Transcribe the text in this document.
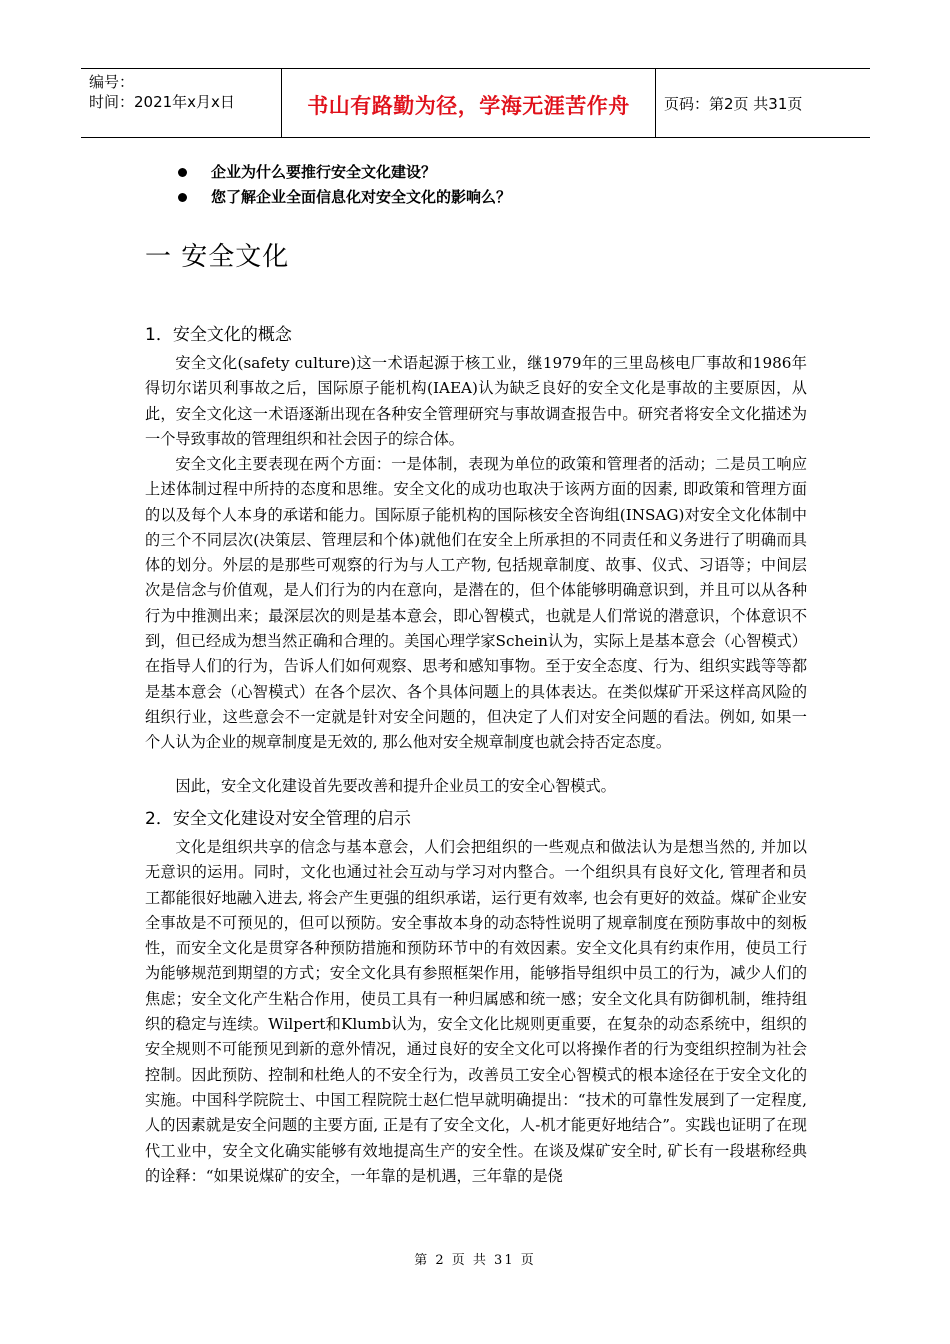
编号：
时间：2021年x月x日	书山有路勤为径，学海无涯苦作舟	页码：第2页 共31页
企业为什么要推行安全文化建设？
您了解企业全面信息化对安全文化的影响么？
一 安全文化
1．安全文化的概念

安全文化(safety culture)这一术语起源于核工业，继1979年的三里岛核电厂事故和1986年得切尔诺贝利事故之后，国际原子能机构(IAEA)认为缺乏良好的安全文化是事故的主要原因，从此，安全文化这一术语逐渐出现在各种安全管理研究与事故调查报告中。研究者将安全文化描述为一个导致事故的管理组织和社会因子的综合体。

安全文化主要表现在两个方面：一是体制，表现为单位的政策和管理者的活动；二是员工响应上述体制过程中所持的态度和思维。安全文化的成功也取决于该两方面的因素, 即政策和管理方面的以及每个人本身的承诺和能力。国际原子能机构的国际核安全咨询组(INSAG)对安全文化体制中的三个不同层次(决策层、管理层和个体)就他们在安全上所承担的不同责任和义务进行了明确而具体的划分。外层的是那些可观察的行为与人工产物, 包括规章制度、故事、仪式、习语等；中间层次是信念与价值观，是人们行为的内在意向，是潜在的，但个体能够明确意识到，并且可以从各种行为中推测出来；最深层次的则是基本意会，即心智模式，也就是人们常说的潜意识，个体意识不到，但已经成为想当然正确和合理的。美国心理学家Schein认为，实际上是基本意会（心智模式）在指导人们的行为，告诉人们如何观察、思考和感知事物。至于安全态度、行为、组织实践等等都是基本意会（心智模式）在各个层次、各个具体问题上的具体表达。在类似煤矿开采这样高风险的组织行业，这些意会不一定就是针对安全问题的，但决定了人们对安全问题的看法。例如, 如果一个人认为企业的规章制度是无效的, 那么他对安全规章制度也就会持否定态度。

因此，安全文化建设首先要改善和提升企业员工的安全心智模式。

2．安全文化建设对安全管理的启示

文化是组织共享的信念与基本意会，人们会把组织的一些观点和做法认为是想当然的, 并加以无意识的运用。同时，文化也通过社会互动与学习对内整合。一个组织具有良好文化, 管理者和员工都能很好地融入进去, 将会产生更强的组织承诺，运行更有效率, 也会有更好的效益。煤矿企业安全事故是不可预见的，但可以预防。安全事故本身的动态特性说明了规章制度在预防事故中的刻板性，而安全文化是贯穿各种预防措施和预防环节中的有效因素。安全文化具有约束作用，使员工行为能够规范到期望的方式；安全文化具有参照框架作用，能够指导组织中员工的行为，减少人们的焦虑；安全文化产生粘合作用，使员工具有一种归属感和统一感；安全文化具有防御机制，维持组织的稳定与连续。Wilpert和Klumb认为，安全文化比规则更重要，在复杂的动态系统中，组织的安全规则不可能预见到新的意外情况，通过良好的安全文化可以将操作者的行为变组织控制为社会控制。因此预防、控制和杜绝人的不安全行为，改善员工安全心智模式的根本途径在于安全文化的实施。中国科学院院士、中国工程院院士赵仁恺早就明确提出：“技术的可靠性发展到了一定程度,人的因素就是安全问题的主要方面, 正是有了安全文化，人-机才能更好地结合”。实践也证明了在现代工业中，安全文化确实能够有效地提高生产的安全性。在谈及煤矿安全时, 矿长有一段堪称经典的诠释：“如果说煤矿的安全，一年靠的是机遇，三年靠的是侥

第 2 页 共 31 页
